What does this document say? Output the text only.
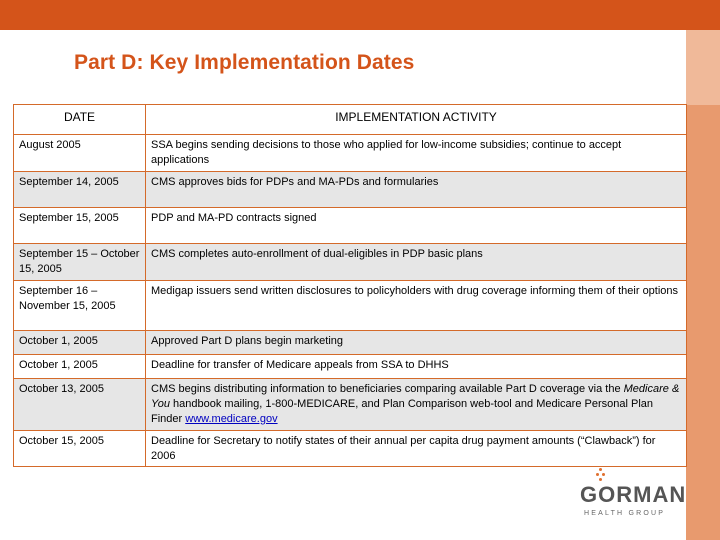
Part D: Key Implementation Dates
DATE	IMPLEMENTATION ACTIVITY
August 2005	SSA begins sending decisions to those who applied for low-income subsidies; continue to accept applications
September 14, 2005	CMS approves bids for PDPs and MA-PDs and formularies
September 15, 2005	PDP and MA-PD contracts signed
September 15 – October 15, 2005	CMS completes auto-enrollment of dual-eligibles in PDP basic plans
September 16 – November 15, 2005	Medigap issuers send written disclosures to policyholders with drug coverage informing them of their options
October 1, 2005	Approved Part D plans begin marketing
October 1, 2005	Deadline for transfer of Medicare appeals from SSA to DHHS
October 13, 2005	CMS begins distributing information to beneficiaries comparing available Part D coverage via the Medicare & You handbook mailing, 1-800-MEDICARE, and Plan Comparison web-tool and Medicare Personal Plan Finder www.medicare.gov
October 15, 2005	Deadline for Secretary to notify states of their annual per capita drug payment amounts (“Clawback”) for 2006
GORMAN
HEALTH GROUP
